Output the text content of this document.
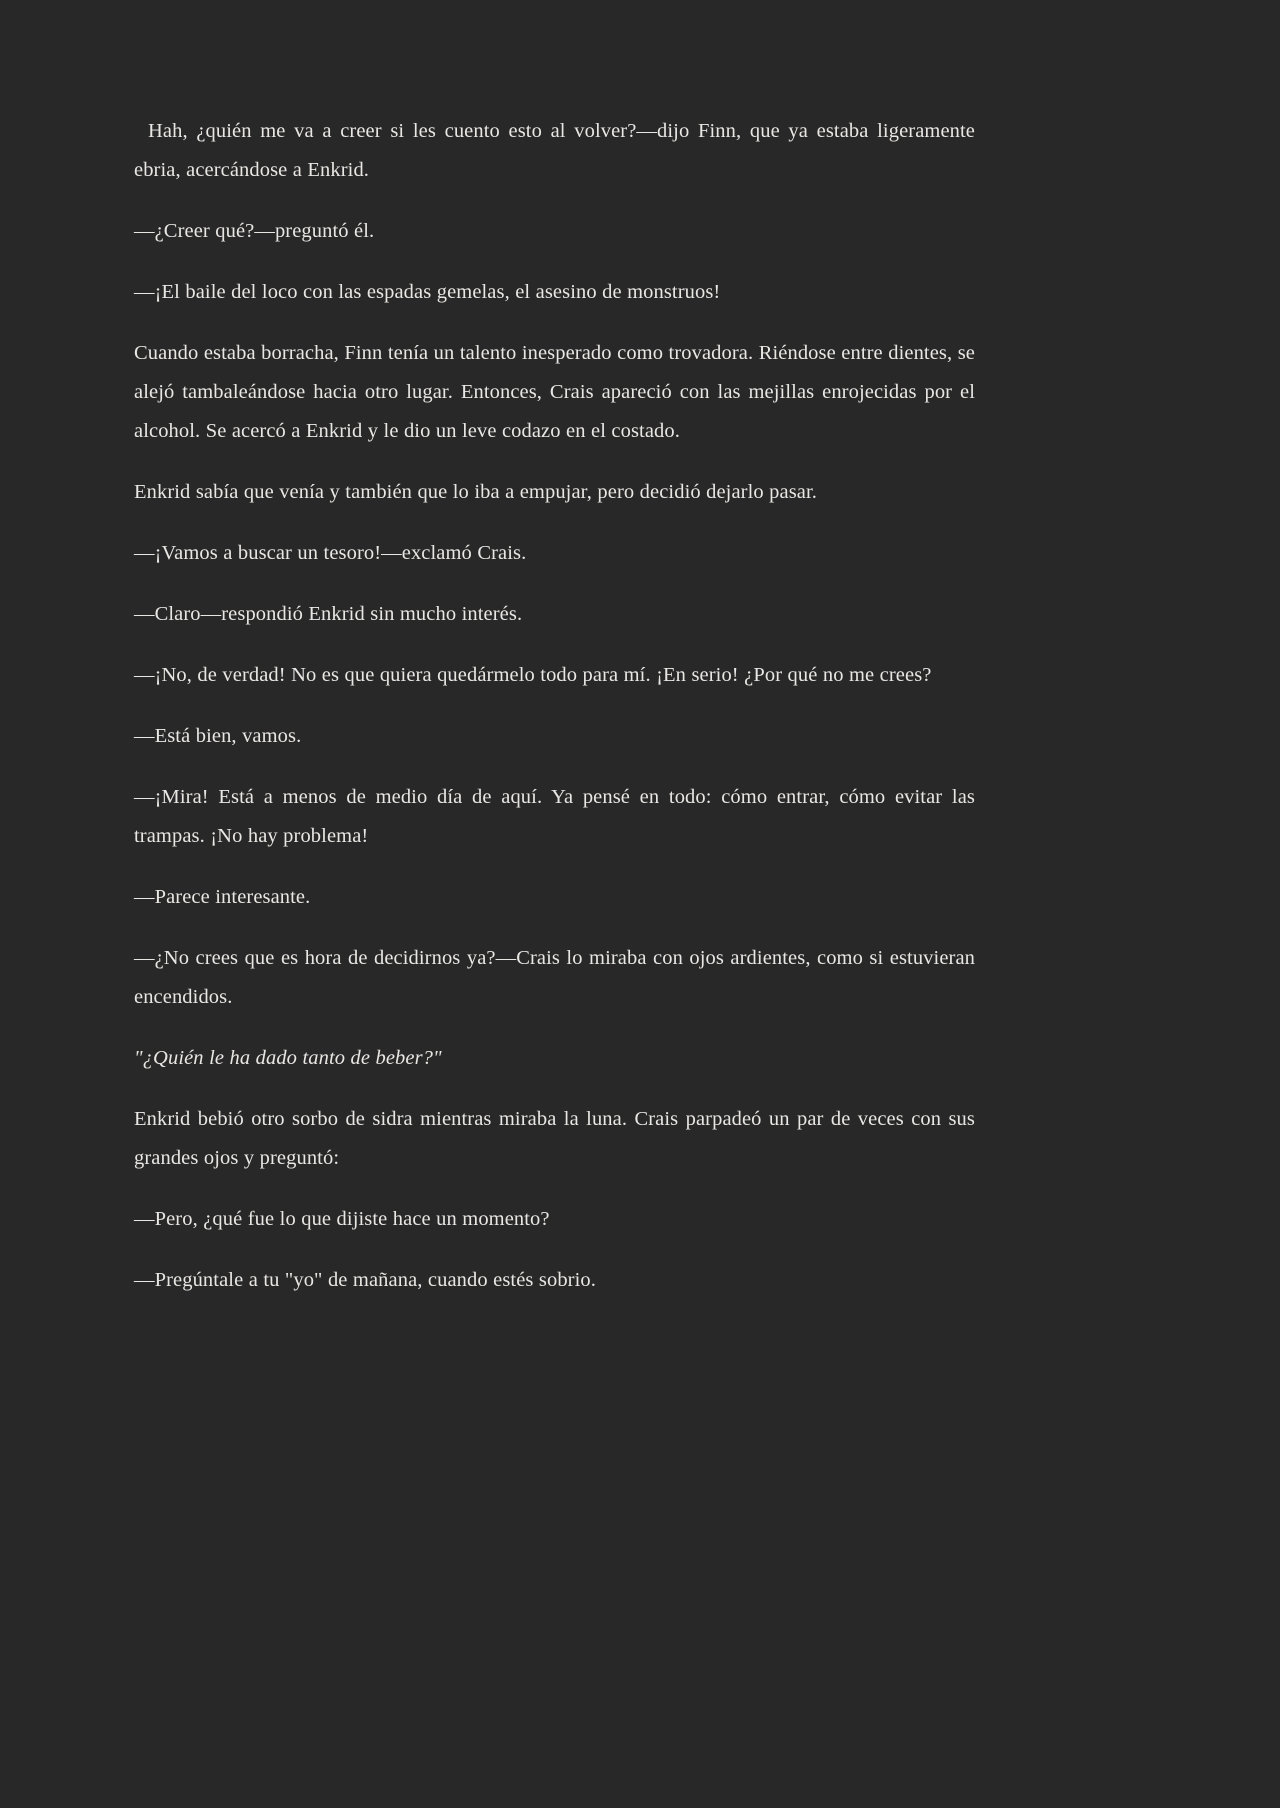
Hah, ¿quién me va a creer si les cuento esto al volver?—dijo Finn, que ya estaba ligeramente ebria, acercándose a Enkrid.

—¿Creer qué?—preguntó él.

—¡El baile del loco con las espadas gemelas, el asesino de monstruos!

Cuando estaba borracha, Finn tenía un talento inesperado como trovadora. Riéndose entre dientes, se alejó tambaleándose hacia otro lugar. Entonces, Crais apareció con las mejillas enrojecidas por el alcohol. Se acercó a Enkrid y le dio un leve codazo en el costado.

Enkrid sabía que venía y también que lo iba a empujar, pero decidió dejarlo pasar.

—¡Vamos a buscar un tesoro!—exclamó Crais.

—Claro—respondió Enkrid sin mucho interés.

—¡No, de verdad! No es que quiera quedármelo todo para mí. ¡En serio! ¿Por qué no me crees?

—Está bien, vamos.

—¡Mira! Está a menos de medio día de aquí. Ya pensé en todo: cómo entrar, cómo evitar las trampas. ¡No hay problema!

—Parece interesante.

—¿No crees que es hora de decidirnos ya?—Crais lo miraba con ojos ardientes, como si estuvieran encendidos.

"¿Quién le ha dado tanto de beber?"

Enkrid bebió otro sorbo de sidra mientras miraba la luna. Crais parpadeó un par de veces con sus grandes ojos y preguntó:

—Pero, ¿qué fue lo que dijiste hace un momento?

—Pregúntale a tu "yo" de mañana, cuando estés sobrio.
